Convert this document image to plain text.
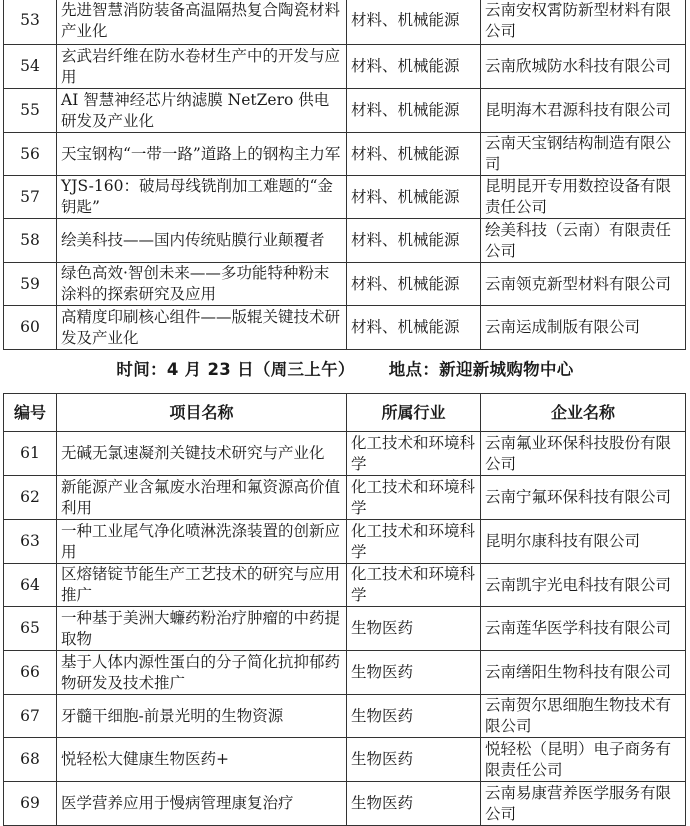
53	先进智慧消防装备高温隔热复合陶瓷材料产业化	材料、机械能源	云南安权霄防新型材料有限公司
54	玄武岩纤维在防水卷材生产中的开发与应用	材料、机械能源	云南欣城防水科技有限公司
55	AI 智慧神经芯片纳滤膜 NetZero 供电研发及产业化	材料、机械能源	昆明海木君源科技有限公司
56	天宝钢构“一带一路”道路上的钢构主力军	材料、机械能源	云南天宝钢结构制造有限公司
57	YJS-160：破局母线铣削加工难题的“金钥匙”	材料、机械能源	昆明昆开专用数控设备有限责任公司
58	绘美科技——国内传统贴膜行业颠覆者	材料、机械能源	绘美科技（云南）有限责任公司
59	绿色高效·智创未来——多功能特种粉末涂料的探索研究及应用	材料、机械能源	云南领克新型材料有限公司
60	高精度印刷核心组件——版辊关键技术研发及产业化	材料、机械能源	云南运成制版有限公司
时间：4 月 23 日（周三上午） 地点：新迎新城购物中心
编号	项目名称	所属行业	企业名称
61	无碱无氯速凝剂关键技术研究与产业化	化工技术和环境科学	云南氟业环保科技股份有限公司
62	新能源产业含氟废水治理和氟资源高价值利用	化工技术和环境科学	云南宁氟环保科技有限公司
63	一种工业尾气净化喷淋洗涤装置的创新应用	化工技术和环境科学	昆明尔康科技有限公司
64	区熔锗锭节能生产工艺技术的研究与应用推广	化工技术和环境科学	云南凯宇光电科技有限公司
65	一种基于美洲大蠊药粉治疗肿瘤的中药提取物	生物医药	云南莲华医学科技有限公司
66	基于人体内源性蛋白的分子简化抗抑郁药物研发及技术推广	生物医药	云南缮阳生物科技有限公司
67	牙髓干细胞-前景光明的生物资源	生物医药	云南贺尔思细胞生物技术有限公司
68	悦轻松大健康生物医药+	生物医药	悦轻松（昆明）电子商务有限责任公司
69	医学营养应用于慢病管理康复治疗	生物医药	云南易康营养医学服务有限公司
